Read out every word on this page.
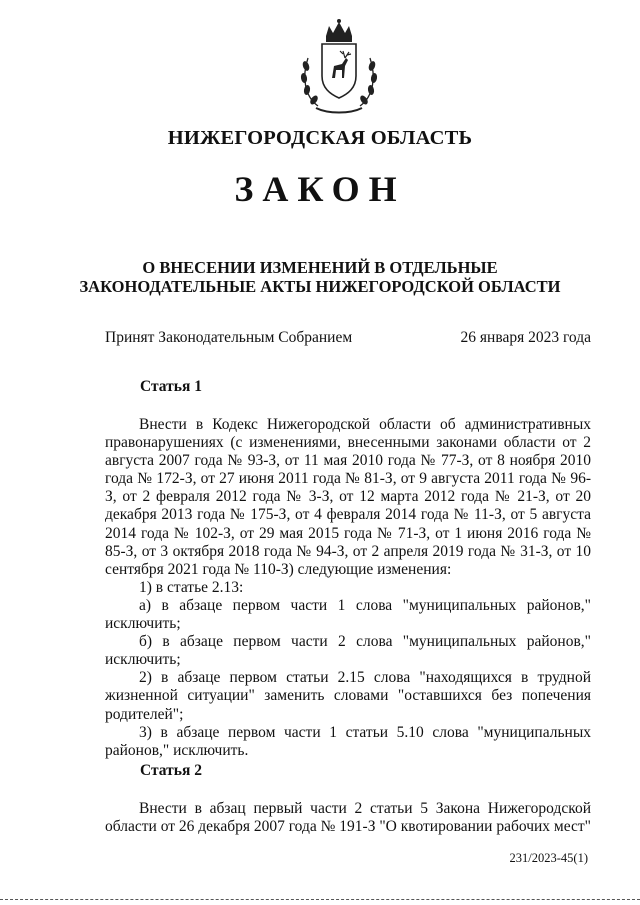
НИЖЕГОРОДСКАЯ ОБЛАСТЬ
ЗАКОН
О ВНЕСЕНИИ ИЗМЕНЕНИЙ В ОТДЕЛЬНЫЕ
ЗАКОНОДАТЕЛЬНЫЕ АКТЫ НИЖЕГОРОДСКОЙ ОБЛАСТИ
Принят Законодательным Собранием	26 января 2023 года
Статья 1

Внести в Кодекс Нижегородской области об административных правонарушениях (с изменениями, внесенными законами области от 2 августа 2007 года № 93-З, от 11 мая 2010 года № 77-З, от 8 ноября 2010 года № 172-З, от 27 июня 2011 года № 81-З, от 9 августа 2011 года № 96-З, от 2 февраля 2012 года № 3-З, от 12 марта 2012 года № 21-З, от 20 декабря 2013 года № 175-З, от 4 февраля 2014 года № 11-З, от 5 августа 2014 года № 102-З, от 29 мая 2015 года № 71-З, от 1 июня 2016 года № 85-З, от 3 октября 2018 года № 94-З, от 2 апреля 2019 года № 31-З, от 10 сентября 2021 года № 110-З) следующие изменения:

1) в статье 2.13:

а) в абзаце первом части 1 слова "муниципальных районов," исключить;

б) в абзаце первом части 2 слова "муниципальных районов," исключить;

2) в абзаце первом статьи 2.15 слова "находящихся в трудной жизненной ситуации" заменить словами "оставшихся без попечения родителей";

3) в абзаце первом части 1 статьи 5.10 слова "муниципальных районов," исключить.

Статья 2

Внести в абзац первый части 2 статьи 5 Закона Нижегородской области от 26 декабря 2007 года № 191-З "О квотировании рабочих мест"

231/2023-45(1)
